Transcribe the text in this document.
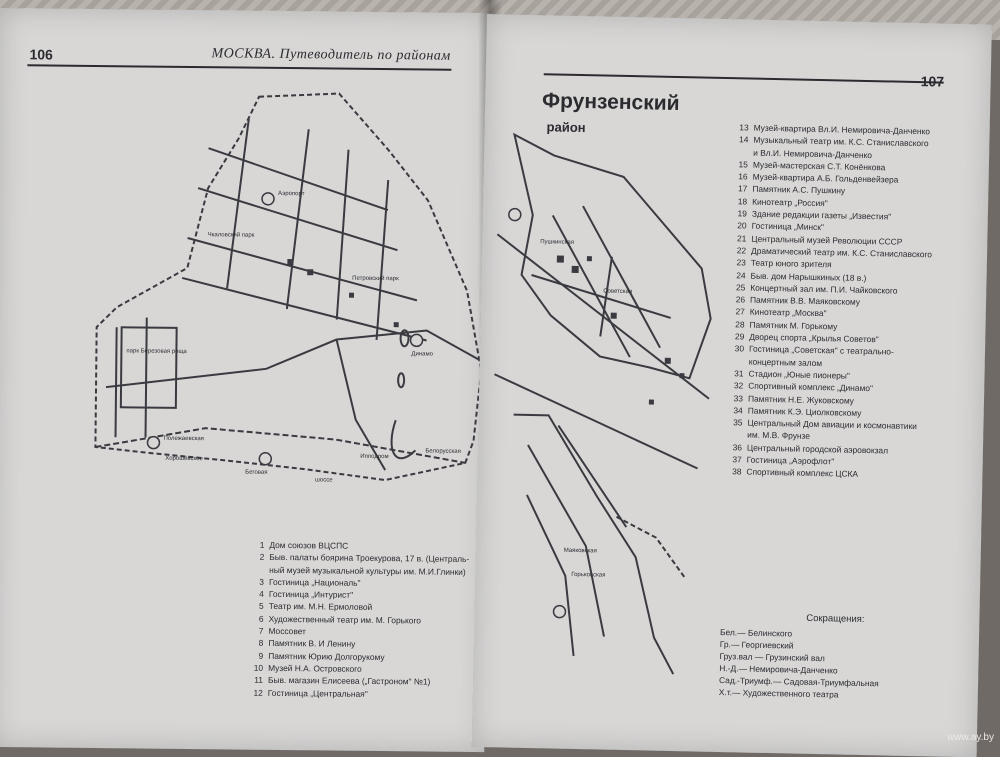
106	МОСКВА. Путеводитель по районам
Чкаловский парк
парк Березовая роща	Динамо
Ипподром
Полежаевская
Беговая
Хорошёвское
шоссе
Белорусская
Аэропорт
Петровский парк
1 Дом союзов ВЦСПС
2 Быв. палаты боярина Троекурова, 17 в. (Централь-
ный музей музыкальной культуры им. М.И.Глинки)
3 Гостиница „Националь"
4 Гостиница „Интурист"
5 Театр им. М.Н. Ермоловой
6 Художественный театр им. М. Горького
7 Моссовет
8 Памятник В. И Ленину
9 Памятник Юрию Долгорукому
10 Музей Н.А. Островского
11 Быв. магазин Елисеева („Гастроном" №1)
12 Гостиница „Центральная"
Фрунзенский
район
Пушкинская
Советская
Маяковская
Горьковская
13 Музей-квартира Вл.И. Немировича-Данченко
14 Музыкальный театр им. К.С. Станиславского
и Вл.И. Немировича-Данченко
15 Музей-мастерская С.Т. Конёнкова
16 Музей-квартира А.Б. Гольденвейзера
17 Памятник А.С. Пушкину
18 Кинотеатр „Россия"
19 Здание редакции газеты „Известия"
20 Гостиница „Минск"
21 Центральный музей Революции СССР
22 Драматический театр им. К.С. Станиславского
23 Театр юного зрителя
24 Быв. дом Нарышкиных (18 в.)
25 Концертный зал им. П.И. Чайковского
26 Памятник В.В. Маяковскому
27 Кинотеатр „Москва"
28 Памятник М. Горькому
29 Дворец спорта „Крылья Советов"
30 Гостиница „Советская" с театрально-
концертным залом
31 Стадион „Юные пионеры"
32 Спортивный комплекс „Динамо"
33 Памятник Н.Е. Жуковскому
34 Памятник К.Э. Циолковскому
35 Центральный Дом авиации и космонавтики
им. М.В. Фрунзе
36 Центральный городской аэровокзал
37 Гостиница „Аэрофлот"
38 Спортивный комплекс ЦСКА
Сокращения:
Бел.— Белинского
Гр.— Георгиевский
Груз.вал — Грузинский вал
Н.-Д.— Немировича-Данченко
Сад.-Триумф.— Садовая-Триумфальная
Х.т.— Художественного театра
www.ay.by
